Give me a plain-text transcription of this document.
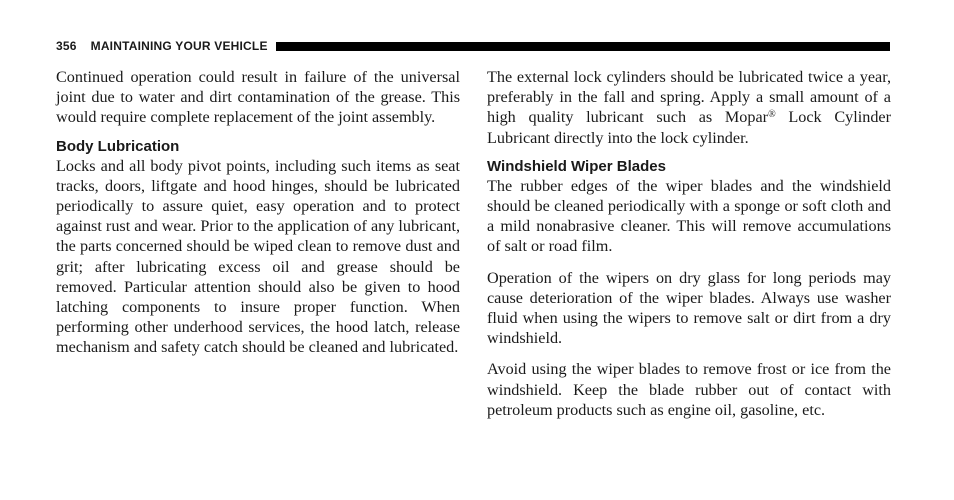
356 MAINTAINING YOUR VEHICLE

Continued operation could result in failure of the universal joint due to water and dirt contamination of the grease. This would require complete replacement of the joint assembly.

Body Lubrication

Locks and all body pivot points, including such items as seat tracks, doors, liftgate and hood hinges, should be lubricated periodically to assure quiet, easy operation and to protect against rust and wear. Prior to the application of any lubricant, the parts concerned should be wiped clean to remove dust and grit; after lubricating excess oil and grease should be removed. Particular attention should also be given to hood latching components to insure proper function. When performing other underhood services, the hood latch, release mechanism and safety catch should be cleaned and lubricated.

The external lock cylinders should be lubricated twice a year, preferably in the fall and spring. Apply a small amount of a high quality lubricant such as Mopar® Lock Cylinder Lubricant directly into the lock cylinder.

Windshield Wiper Blades

The rubber edges of the wiper blades and the windshield should be cleaned periodically with a sponge or soft cloth and a mild nonabrasive cleaner. This will remove accumulations of salt or road film.

Operation of the wipers on dry glass for long periods may cause deterioration of the wiper blades. Always use washer fluid when using the wipers to remove salt or dirt from a dry windshield.

Avoid using the wiper blades to remove frost or ice from the windshield. Keep the blade rubber out of contact with petroleum products such as engine oil, gasoline, etc.
